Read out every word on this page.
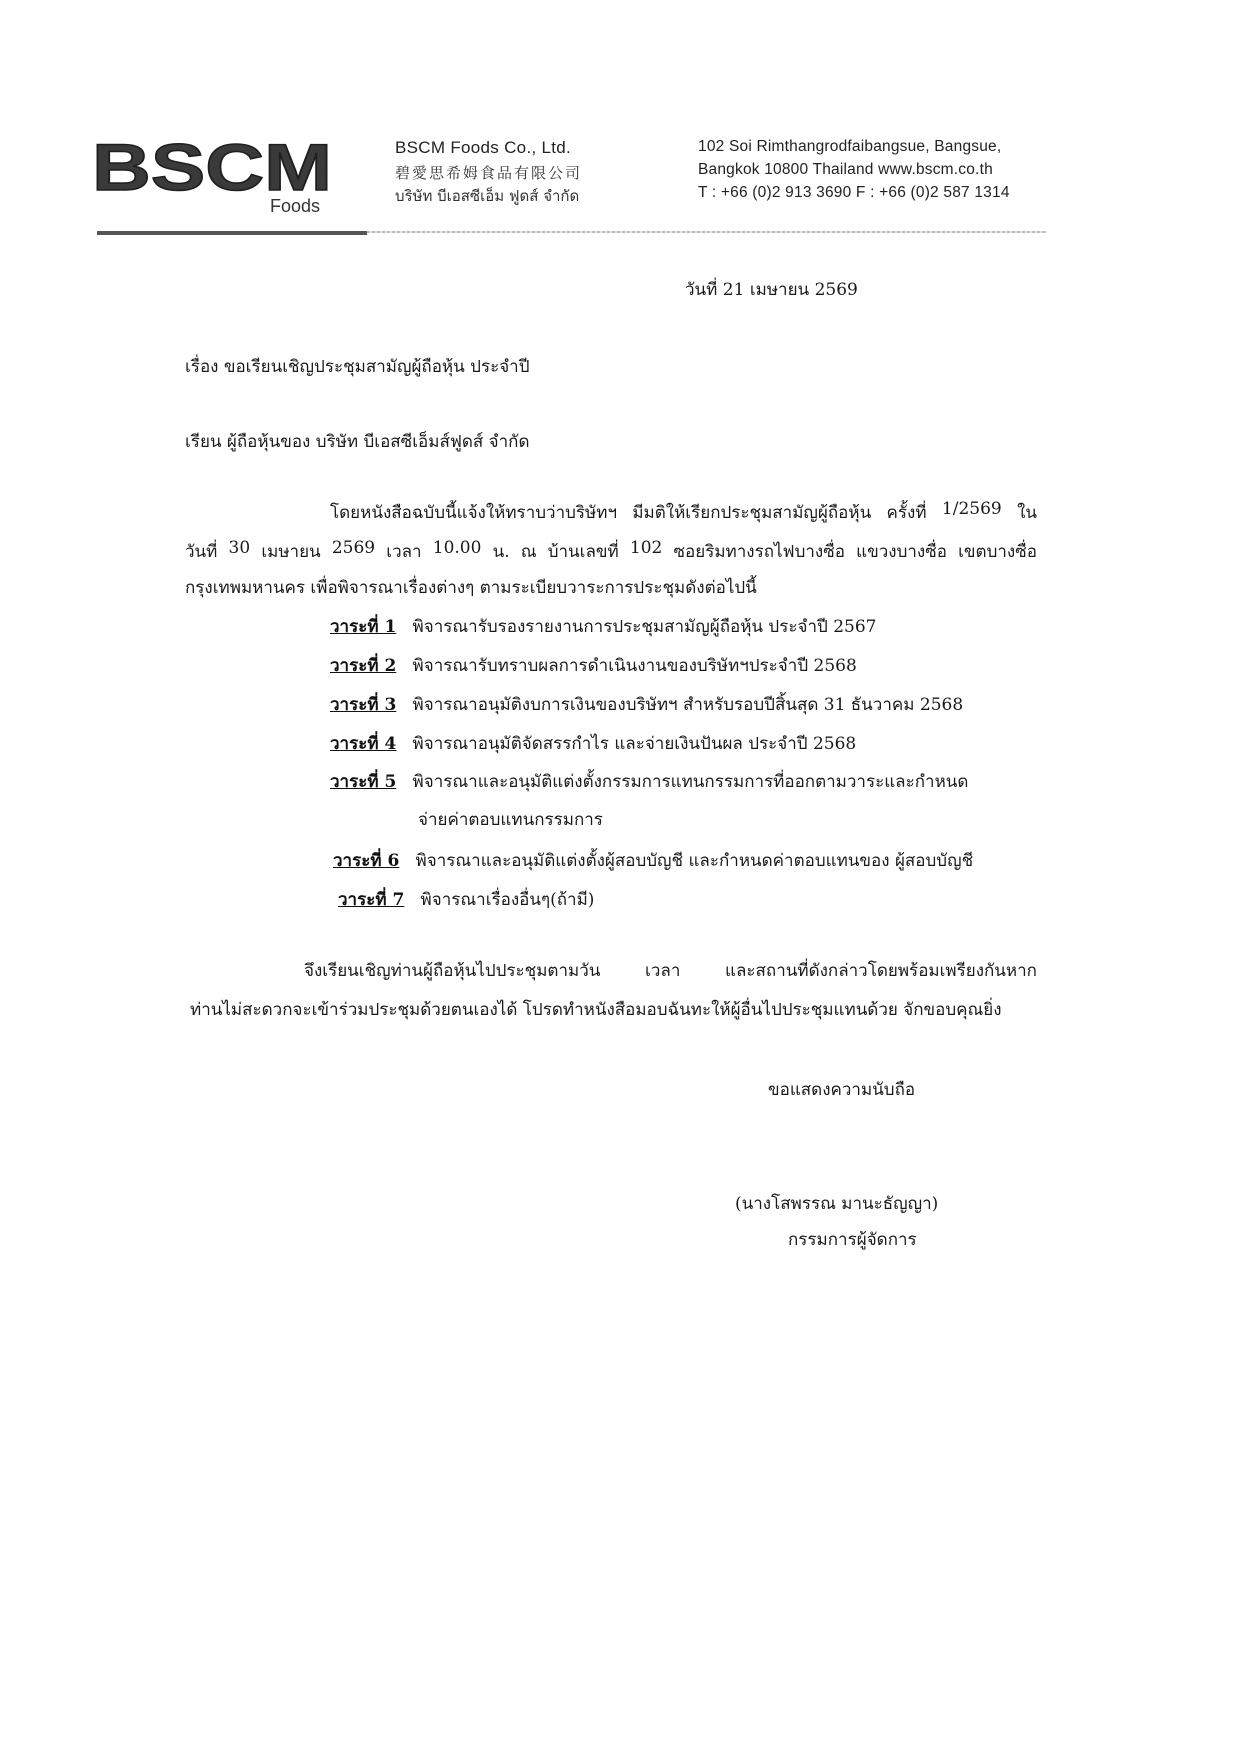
BSCM
Foods
BSCM Foods Co., Ltd.
碧愛思希姆食品有限公司
บริษัท บีเอสซีเอ็ม ฟูดส์ จำกัด
102 Soi Rimthangrodfaibangsue, Bangsue,
Bangkok 10800 Thailand www.bscm.co.th
T : +66 (0)2 913 3690 F : +66 (0)2 587 1314
วันที่ 21 เมษายน 2569
เรื่อง ขอเรียนเชิญประชุมสามัญผู้ถือหุ้น ประจำปี
เรียน ผู้ถือหุ้นของ บริษัท บีเอสซีเอ็มส์ฟูดส์ จำกัด
โดยหนังสือฉบับนี้แจ้งให้ทราบว่าบริษัทฯ มีมติให้เรียกประชุมสามัญผู้ถือหุ้น ครั้งที่ 1/2569 ใน
วันที่ 30 เมษายน 2569 เวลา 10.00 น. ณ บ้านเลขที่ 102 ซอยริมทางรถไฟบางซื่อ แขวงบางซื่อ เขตบางซื่อ
กรุงเทพมหานคร เพื่อพิจารณาเรื่องต่างๆ ตามระเบียบวาระการประชุมดังต่อไปนี้
วาระที่ 1 พิจารณารับรองรายงานการประชุมสามัญผู้ถือหุ้น ประจำปี 2567
วาระที่ 2 พิจารณารับทราบผลการดำเนินงานของบริษัทฯประจำปี 2568
วาระที่ 3 พิจารณาอนุมัติงบการเงินของบริษัทฯ สำหรับรอบปีสิ้นสุด 31 ธันวาคม 2568
วาระที่ 4 พิจารณาอนุมัติจัดสรรกำไร และจ่ายเงินปันผล ประจำปี 2568
วาระที่ 5 พิจารณาและอนุมัติแต่งตั้งกรรมการแทนกรรมการที่ออกตามวาระและกำหนด
จ่ายค่าตอบแทนกรรมการ
วาระที่ 6 พิจารณาและอนุมัติแต่งตั้งผู้สอบบัญชี และกำหนดค่าตอบแทนของ ผู้สอบบัญชี
วาระที่ 7 พิจารณาเรื่องอื่นๆ(ถ้ามี)
จึงเรียนเชิญท่านผู้ถือหุ้นไปประชุมตามวัน	เวลา	และสถานที่ดังกล่าวโดยพร้อมเพรียงกันหาก
ท่านไม่สะดวกจะเข้าร่วมประชุมด้วยตนเองได้ โปรดทำหนังสือมอบฉันทะให้ผู้อื่นไปประชุมแทนด้วย จักขอบคุณยิ่ง
ขอแสดงความนับถือ
(นางโสพรรณ มานะธัญญา)
กรรมการผู้จัดการ
